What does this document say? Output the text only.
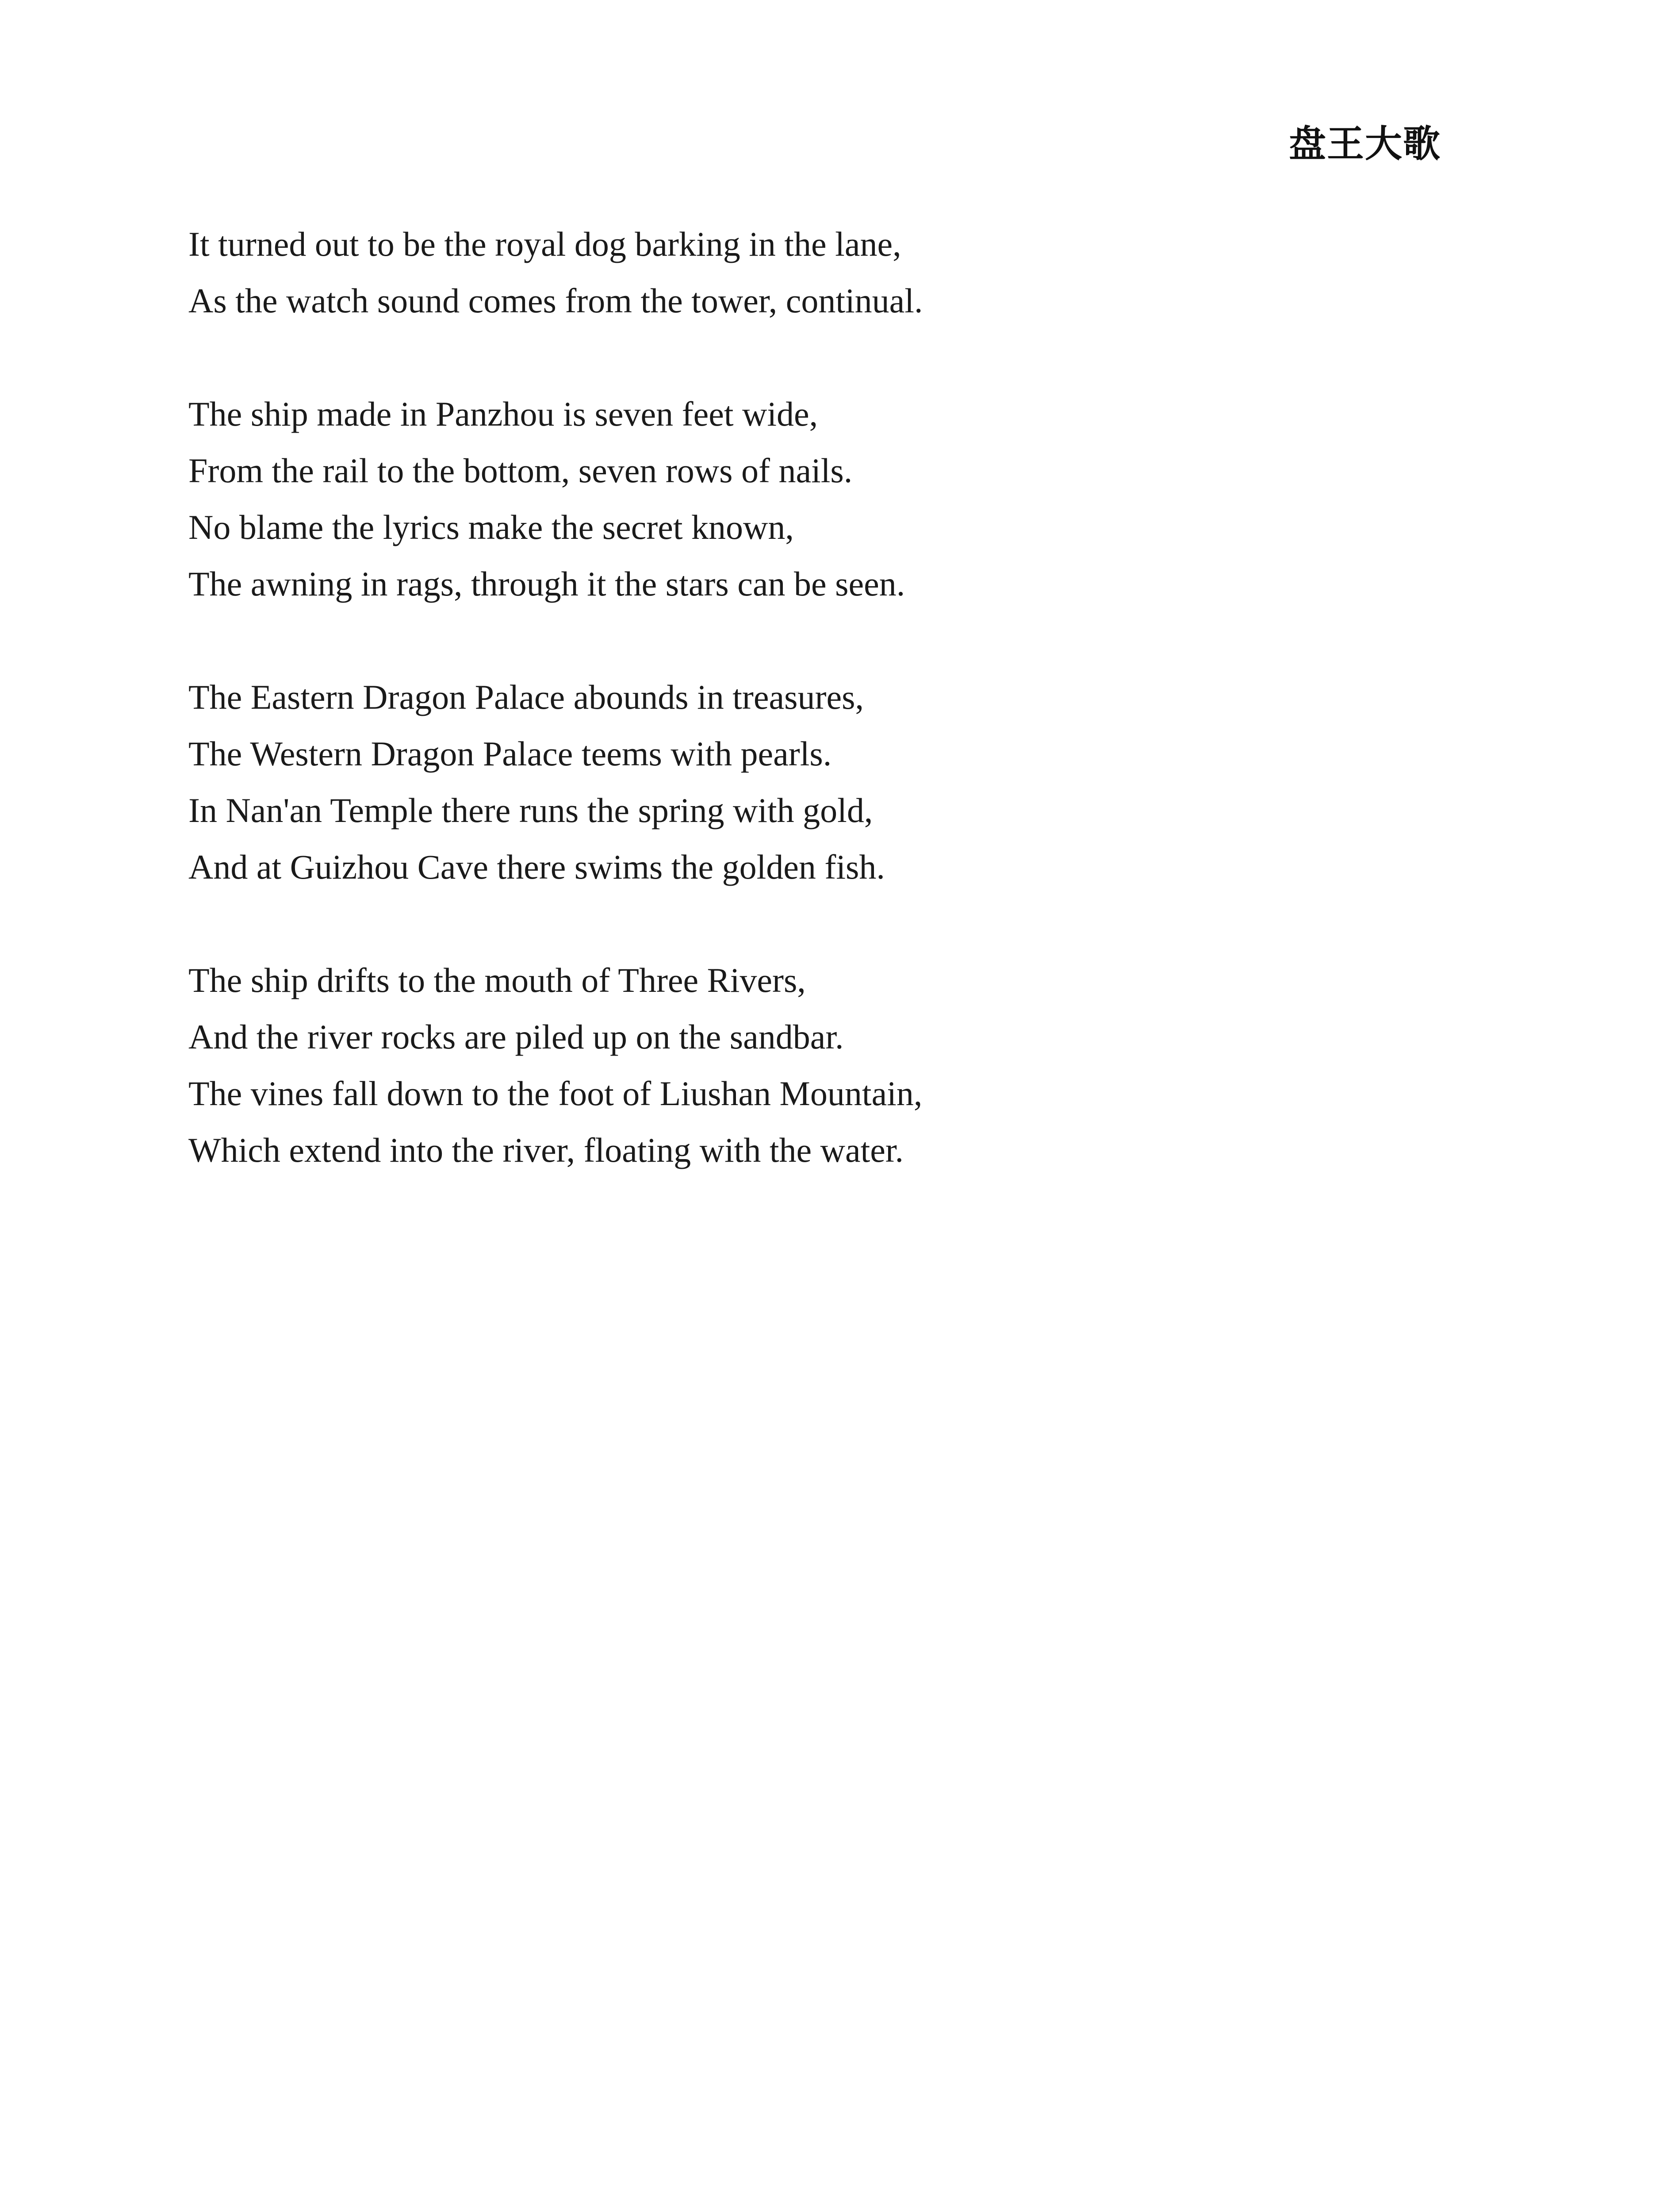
盘王大歌
It turned out to be the royal dog barking in the lane,
As the watch sound comes from the tower, continual.
The ship made in Panzhou is seven feet wide,
From the rail to the bottom, seven rows of nails.
No blame the lyrics make the secret known,
The awning in rags, through it the stars can be seen.
The Eastern Dragon Palace abounds in treasures,
The Western Dragon Palace teems with pearls.
In Nan'an Temple there runs the spring with gold,
And at Guizhou Cave there swims the golden fish.
The ship drifts to the mouth of Three Rivers,
And the river rocks are piled up on the sandbar.
The vines fall down to the foot of Liushan Mountain,
Which extend into the river, floating with the water.
